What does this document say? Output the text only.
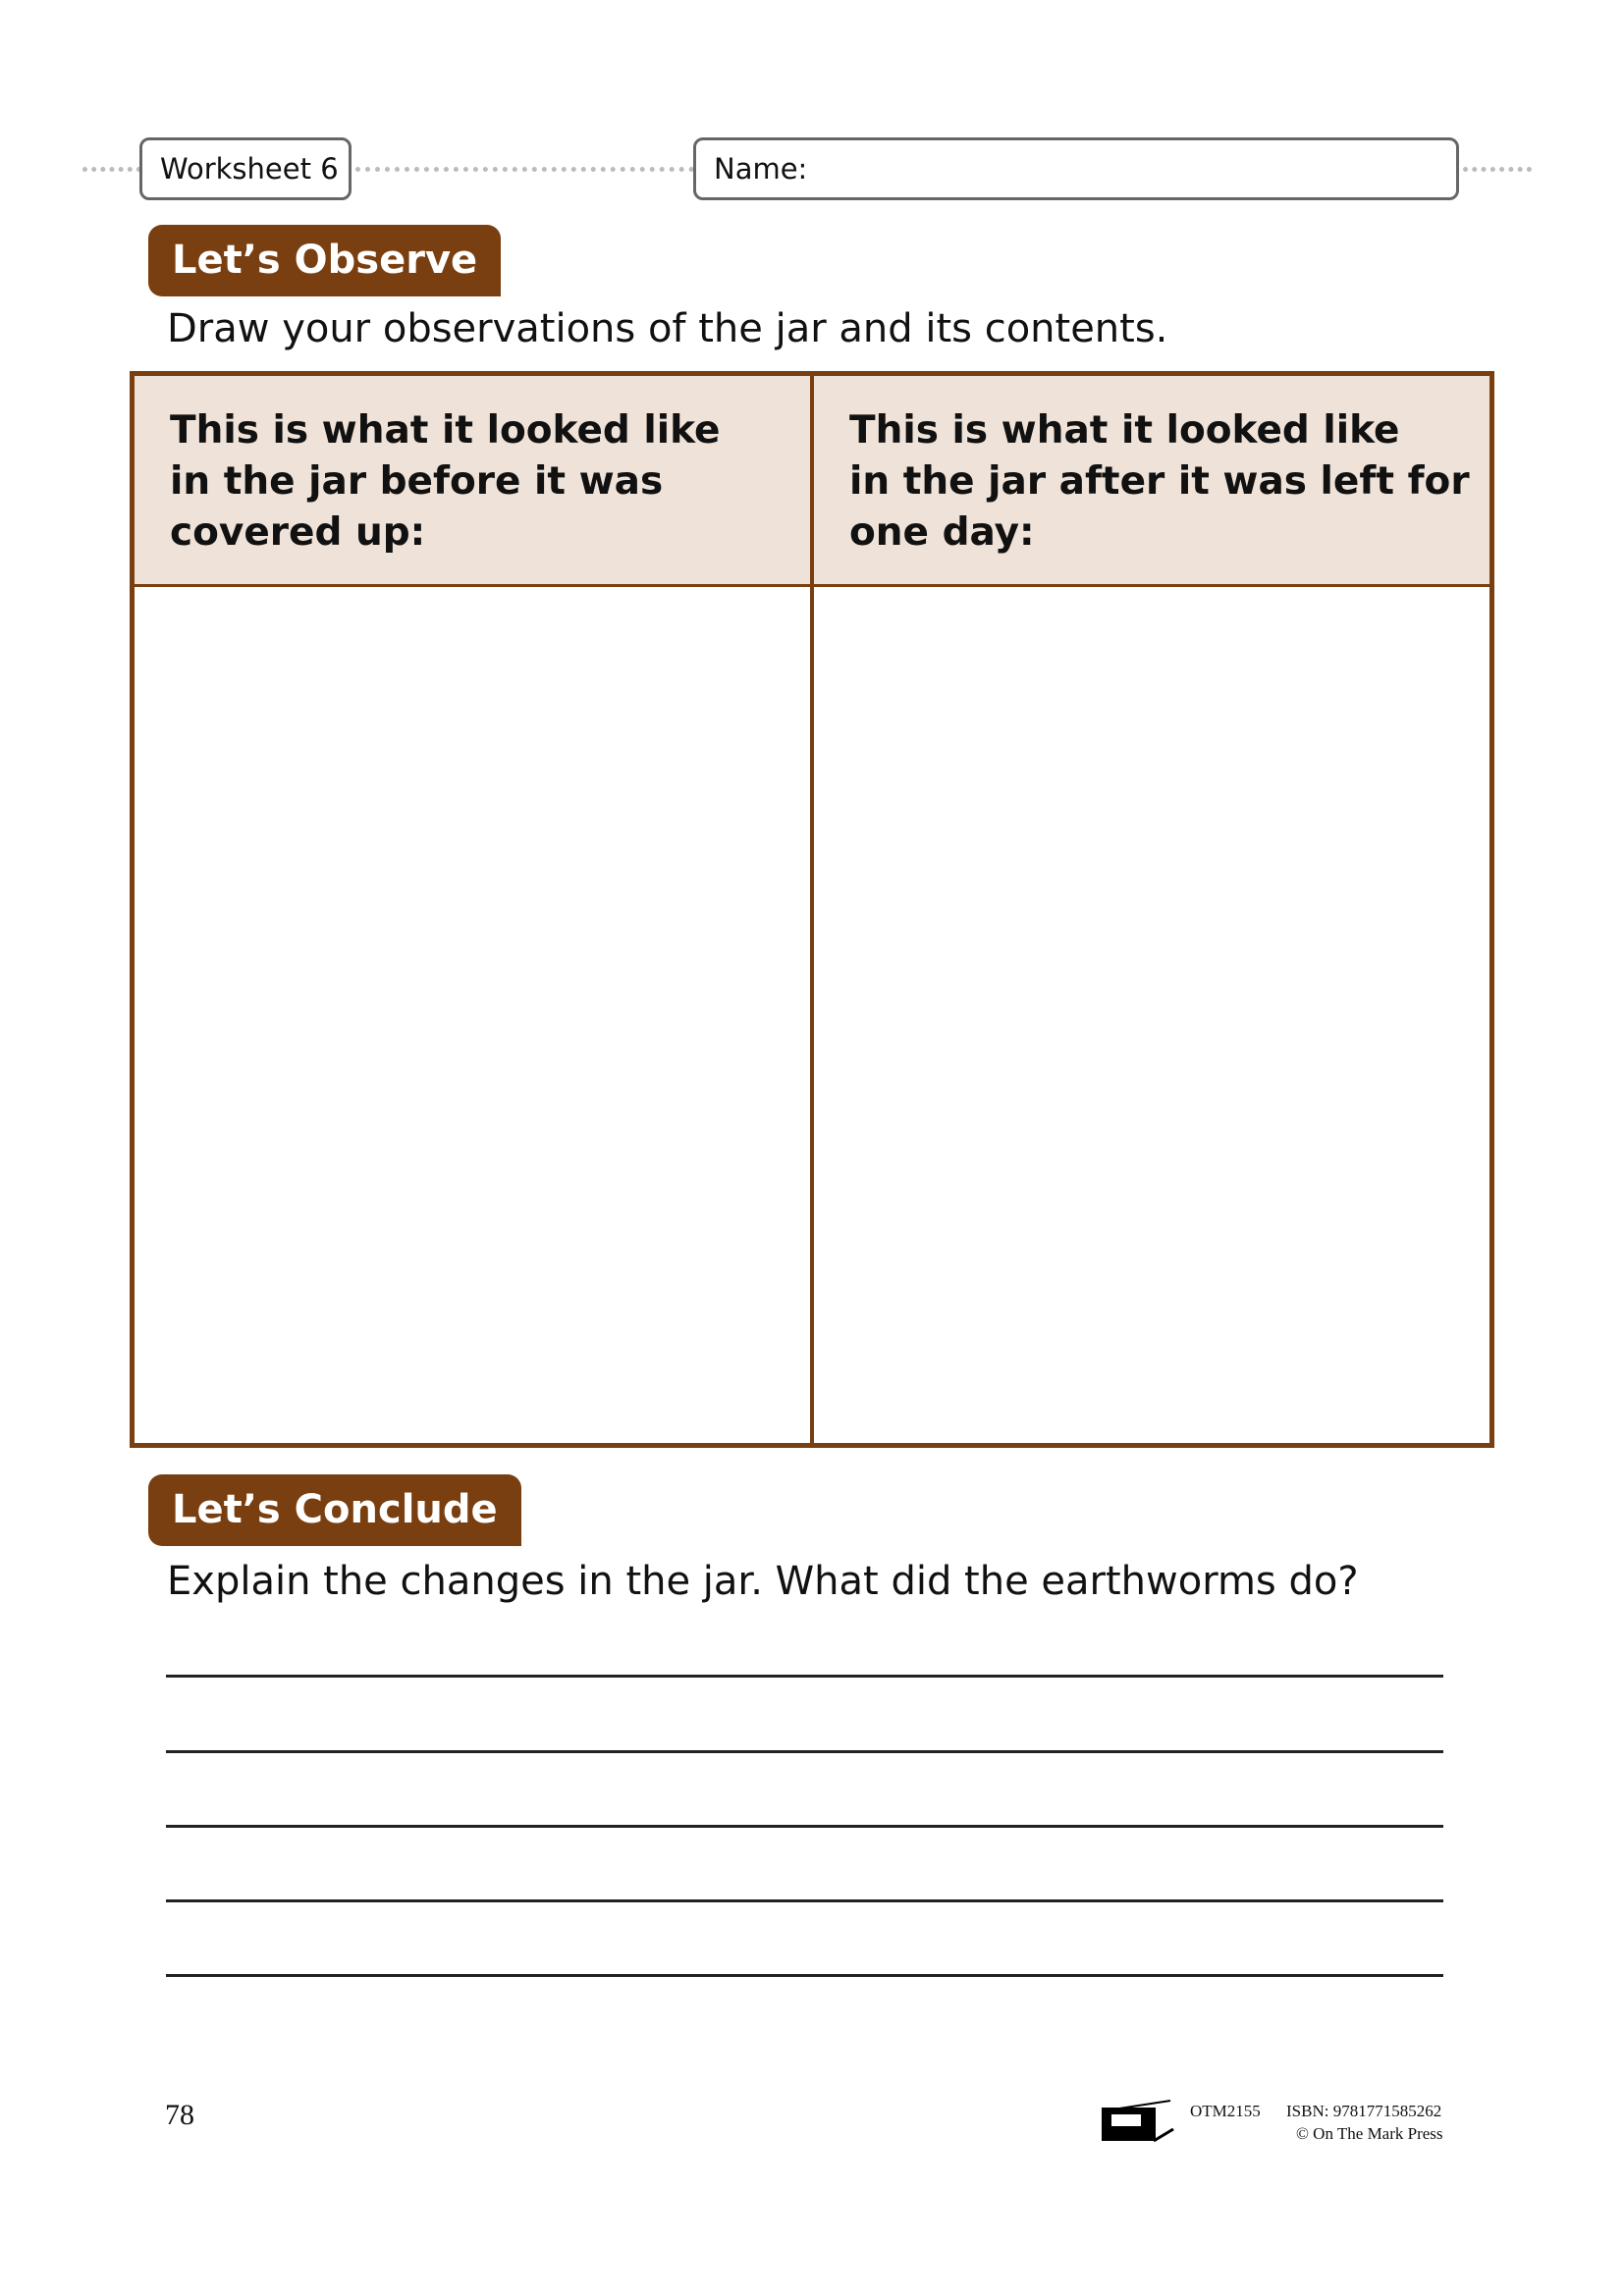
Worksheet 6	Name:
Let’s Observe
Draw your observations of the jar and its contents.
This is what it looked like
in the jar before it was
covered up:
This is what it looked like
in the jar after it was left for
one day:
Let’s Conclude
Explain the changes in the jar. What did the earthworms do?
78	OTM2155 ISBN: 9781771585262
© On The Mark Press
